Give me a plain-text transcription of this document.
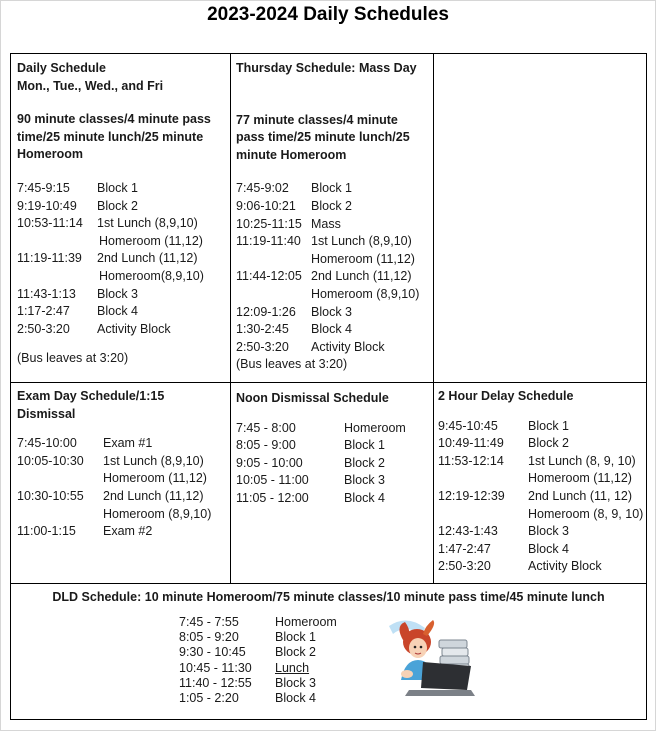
2023-2024 Daily Schedules
Daily Schedule
Mon., Tue., Wed., and Fri
90 minute classes/4 minute pass
time/25 minute lunch/25 minute
Homeroom
7:45-9:15	Block 1
9:19-10:49	Block 2
10:53-11:14	1st Lunch (8,9,10)
Homeroom (11,12)
11:19-11:39	2nd Lunch (11,12)
Homeroom(8,9,10)
11:43-1:13	Block 3
1:17-2:47	Block 4
2:50-3:20	Activity Block
(Bus leaves at 3:20)
Thursday Schedule: Mass Day
77 minute classes/4 minute
pass time/25 minute lunch/25
minute Homeroom
7:45-9:02	Block 1
9:06-10:21	Block 2
10:25-11:15 Mass
11:19-11:40 1st Lunch (8,9,10)
Homeroom (11,12)
11:44-12:05 2nd Lunch (11,12)
Homeroom (8,9,10)
12:09-1:26	Block 3
1:30-2:45	Block 4
2:50-3:20	Activity Block
(Bus leaves at 3:20)
Exam Day Schedule/1:15
Dismissal
7:45-10:00	Exam #1
10:05-10:30	1st Lunch (8,9,10)
Homeroom (11,12)
10:30-10:55	2nd Lunch (11,12)
Homeroom (8,9,10)
11:00-1:15	Exam #2
Noon Dismissal Schedule
7:45 - 8:00	Homeroom
8:05 - 9:00	Block 1
9:05 - 10:00	Block 2
10:05 - 11:00	Block 3
11:05 - 12:00	Block 4
2 Hour Delay Schedule
9:45-10:45	Block 1
10:49-11:49	Block 2
11:53-12:14	1st Lunch (8, 9, 10)
Homeroom (11,12)
12:19-12:39	2nd Lunch (11, 12)
Homeroom (8, 9, 10)
12:43-1:43	Block 3
1:47-2:47	Block 4
2:50-3:20	Activity Block
DLD Schedule: 10 minute Homeroom/75 minute classes/10 minute pass time/45 minute lunch
7:45 - 7:55	Homeroom
8:05 - 9:20	Block 1
9:30 - 10:45	Block 2
10:45 - 11:30	Lunch
11:40 - 12:55	Block 3
1:05 - 2:20	Block 4
